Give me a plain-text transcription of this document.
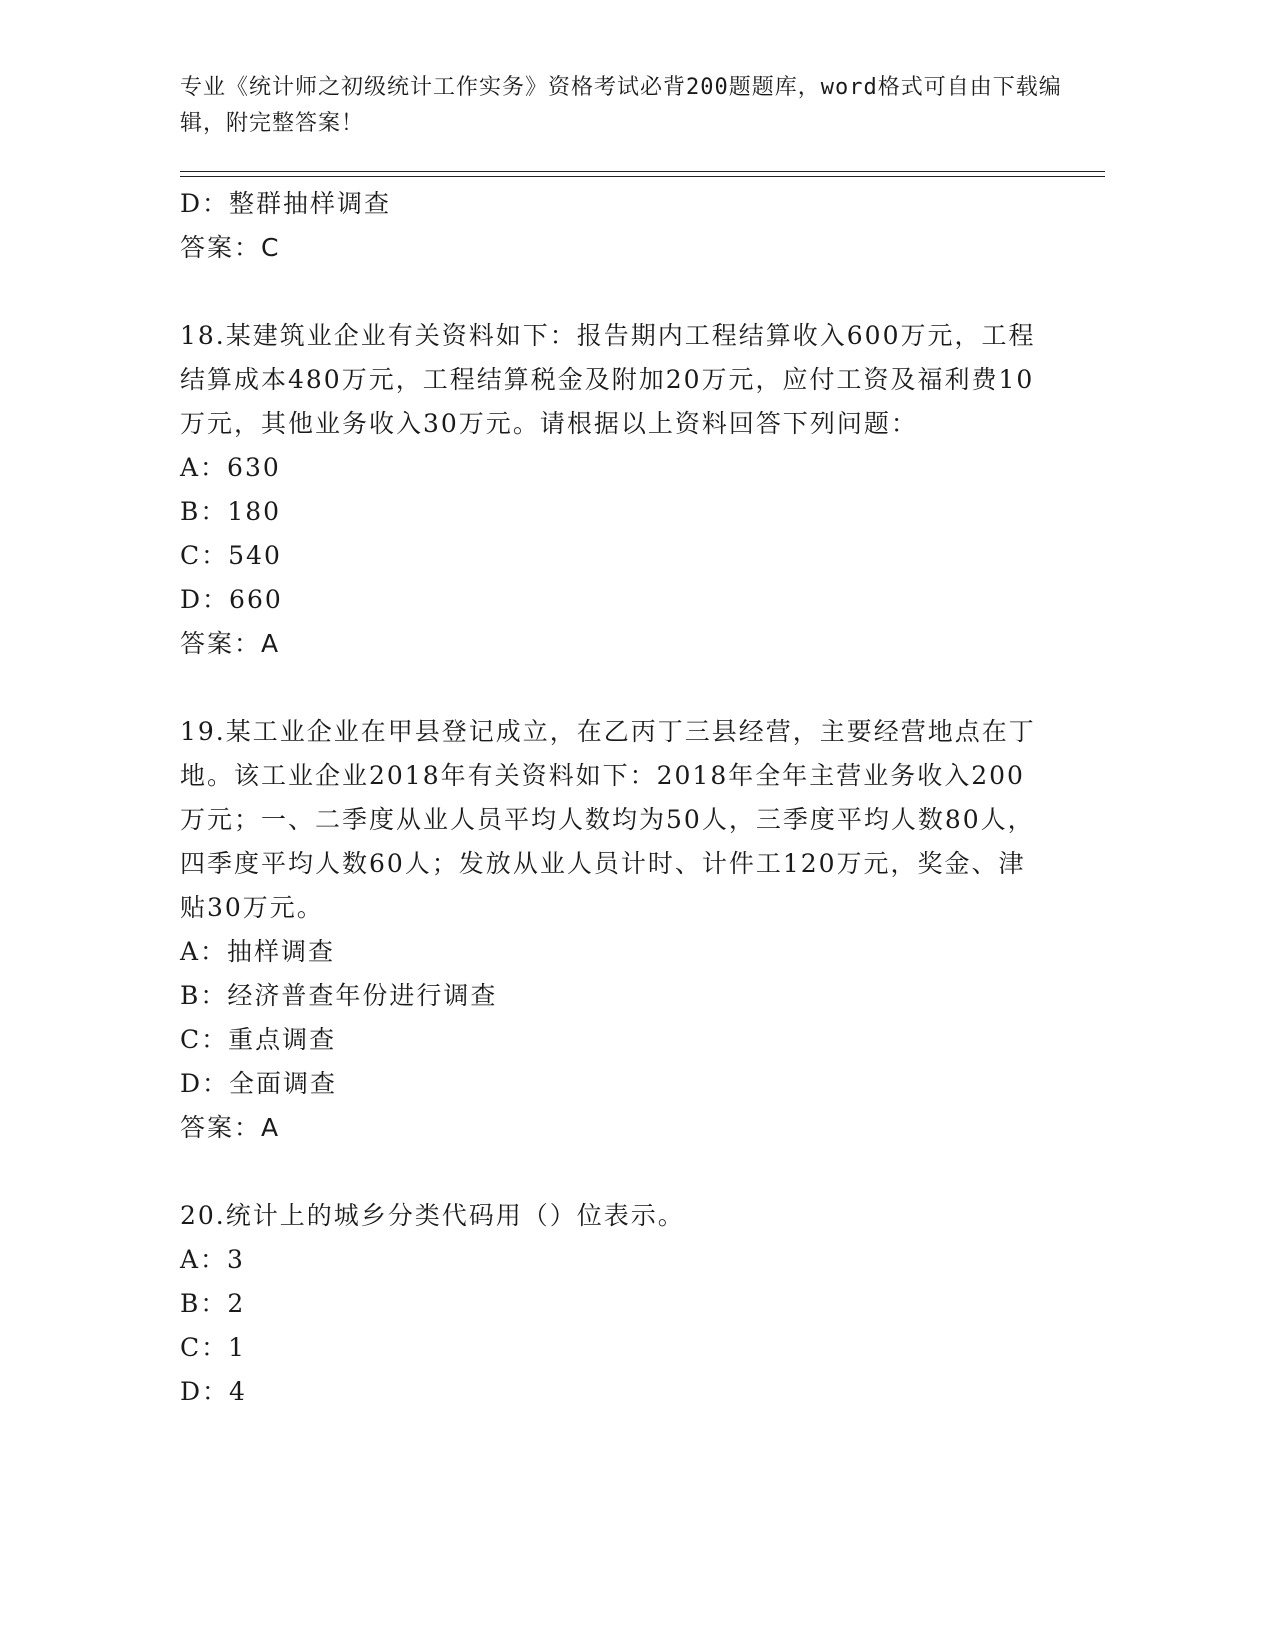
专业《统计师之初级统计工作实务》资格考试必背200题题库，word格式可自由下载编辑，附完整答案！
D：整群抽样调查
答案：C
18.某建筑业企业有关资料如下：报告期内工程结算收入600万元，工程结算成本480万元，工程结算税金及附加20万元，应付工资及福利费10万元，其他业务收入30万元。请根据以上资料回答下列问题：
A：630
B：180
C：540
D：660
答案：A
19.某工业企业在甲县登记成立，在乙丙丁三县经营，主要经营地点在丁地。该工业企业2018年有关资料如下：2018年全年主营业务收入200万元；一、二季度从业人员平均人数均为50人，三季度平均人数80人，四季度平均人数60人；发放从业人员计时、计件工120万元，奖金、津贴30万元。
A：抽样调查
B：经济普查年份进行调查
C：重点调查
D：全面调查
答案：A
20.统计上的城乡分类代码用（）位表示。
A：3
B：2
C：1
D：4
